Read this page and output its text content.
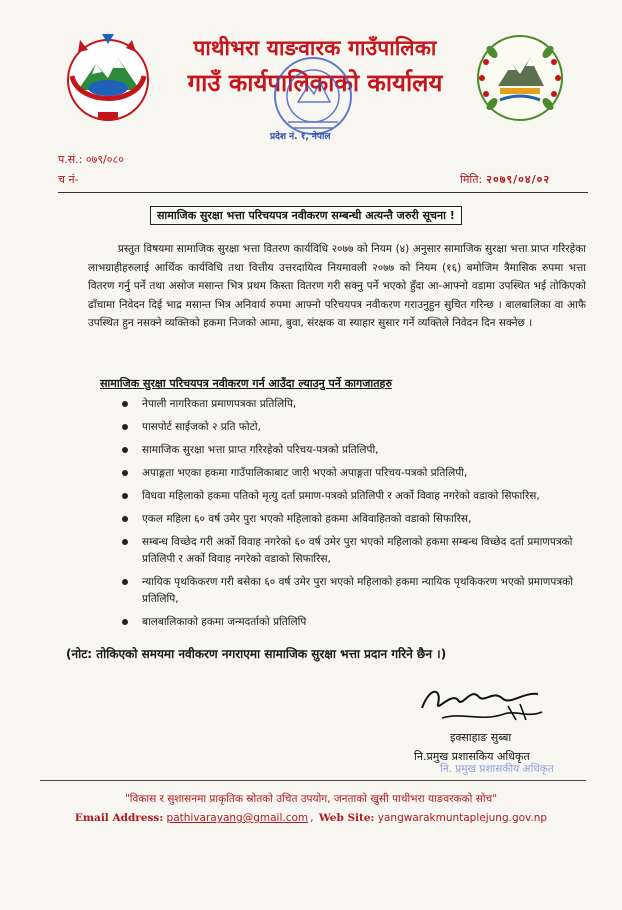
पाथीभरा याङवारक गाउँपालिका
गाउँ कार्यपालिकाको कार्यालय
प्रदेश नं. १, नेपाल
प.सं.: ०७९/०८०
च नं-	मिति: २०७९/०४/०२
सामाजिक सुरक्षा भत्ता परिचयपत्र नवीकरण सम्बन्धी अत्यन्तै जरुरी सूचना !
प्रस्तुत विषयमा सामाजिक सुरक्षा भत्ता वितरण कार्यविधि २०७७ को नियम (४) अनुसार सामाजिक सुरक्षा भत्ता प्राप्त गरिरहेका लाभग्राहीहरुलाई आर्थिक कार्यविधि तथा वित्तीय उत्तरदायित्व नियमावली २०७७ को नियम (१६) बमोजिम त्रैमासिक रुपमा भत्ता वितरण गर्नु पर्ने तथा असोज मसान्त भित्र प्रथम किस्ता वितरण गरी सक्नु पर्ने भएको हुँदा आ-आफ्नो वडामा उपस्थित भई तोकिएको ढाँचामा निवेदन दिई भाद्र मसान्त भित्र अनिवार्य रुपमा आफ्नो परिचयपत्र नवीकरण गराउनुहुन सुचित गरिन्छ । बालबालिका वा आफै उपस्थित हुन नसक्ने व्यक्तिको हकमा निजको आमा, बुवा, संरक्षक वा स्याहार सुसार गर्ने व्यक्तिले निवेदन दिन सक्नेछ ।
सामाजिक सुरक्षा परिचयपत्र नवीकरण गर्न आउँदा ल्याउनु पर्ने कागजातहरु
नेपाली नागरिकता प्रमाणपत्रका प्रतिलिपि,
पासपोर्ट साईजको २ प्रति फोटो,
सामाजिक सुरक्षा भत्ता प्राप्त गरिरहेको परिचय-पत्रको प्रतिलिपी,
अपाङ्गता भएका हकमा गाउँपालिकाबाट जारी भएको अपाङ्गता परिचय-पत्रको प्रतिलिपी,
विधवा महिलाको हकमा पतिको मृत्यु दर्ता प्रमाण-पत्रको प्रतिलिपी र अर्को विवाह नगरेको वडाको सिफारिस,
एकल महिला ६० वर्ष उमेर पुरा भएको महिलाको हकमा अविवाहितको वडाको सिफारिस,
सम्बन्ध विच्छेद गरी अर्को विवाह नगरेको ६० वर्ष उमेर पुरा भएको महिलाको हकमा सम्बन्ध विच्छेद दर्ता प्रमाणपत्रको प्रतिलिपी र अर्को विवाह नगरेको वडाको सिफारिस,
न्यायिक पृथकिकरण गरी बसेका ६० वर्ष उमेर पुरा भएको महिलाको हकमा न्यायिक पृथकिकरण भएको प्रमाणपत्रको प्रतिलिपि,
बालबालिकाको हकमा जन्मदर्ताको प्रतिलिपि
(नोट: तोकिएको समयमा नवीकरण नगराएमा सामाजिक सुरक्षा भत्ता प्रदान गरिने छैन ।)
इक्साहाङ सुब्बा
नि.प्रमुख प्रशासकिय अधिकृत
नि. प्रमुख प्रशासकीय अधिकृत
"विकास र सुशासनमा प्राकृतिक स्रोतको उचित उपयोग, जनताको खुसी पाथीभरा याङवरकको सोच"
Email Address: pathivarayang@gmail.com , Web Site: yangwarakmuntaplejung.gov.np
